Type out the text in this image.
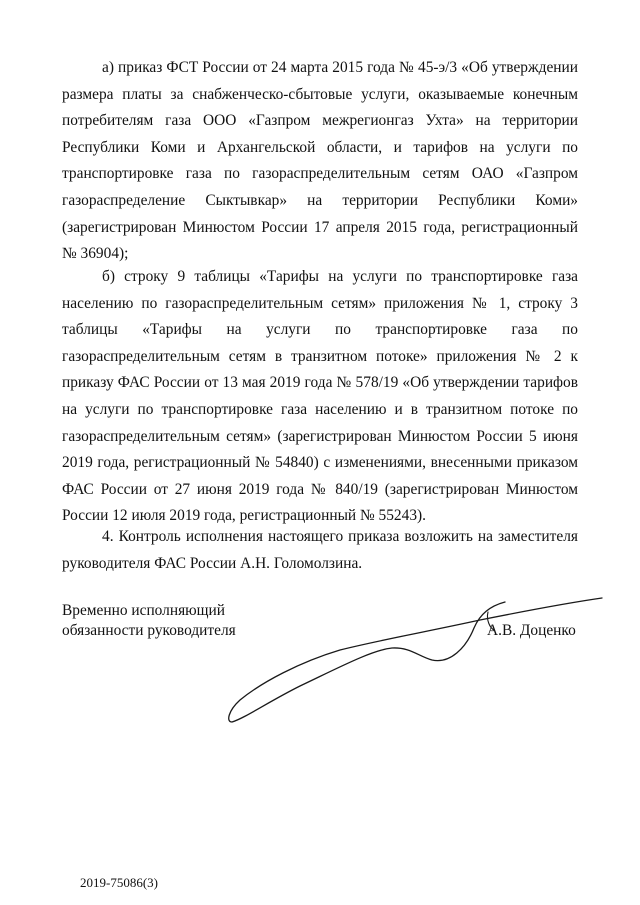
а) приказ ФСТ России от 24 марта 2015 года № 45-э/3 «Об утверждении размера платы за снабженческо-сбытовые услуги, оказываемые конечным потребителям газа ООО «Газпром межрегионгаз Ухта» на территории Республики Коми и Архангельской области, и тарифов на услуги по транспортировке газа по газораспределительным сетям ОАО «Газпром газораспределение Сыктывкар» на территории Республики Коми» (зарегистрирован Минюстом России 17 апреля 2015 года, регистрационный № 36904);

б) строку 9 таблицы «Тарифы на услуги по транспортировке газа населению по газораспределительным сетям» приложения № 1, строку 3 таблицы «Тарифы на услуги по транспортировке газа по газораспределительным сетям в транзитном потоке» приложения № 2 к приказу ФАС России от 13 мая 2019 года № 578/19 «Об утверждении тарифов на услуги по транспортировке газа населению и в транзитном потоке по газораспределительным сетям» (зарегистрирован Минюстом России 5 июня 2019 года, регистрационный № 54840) с изменениями, внесенными приказом ФАС России от 27 июня 2019 года № 840/19 (зарегистрирован Минюстом России 12 июля 2019 года, регистрационный № 55243).

4. Контроль исполнения настоящего приказа возложить на заместителя руководителя ФАС России А.Н. Голомолзина.

Временно исполняющий
обязанности руководителя	А.В. Доценко
2019-75086(3)
